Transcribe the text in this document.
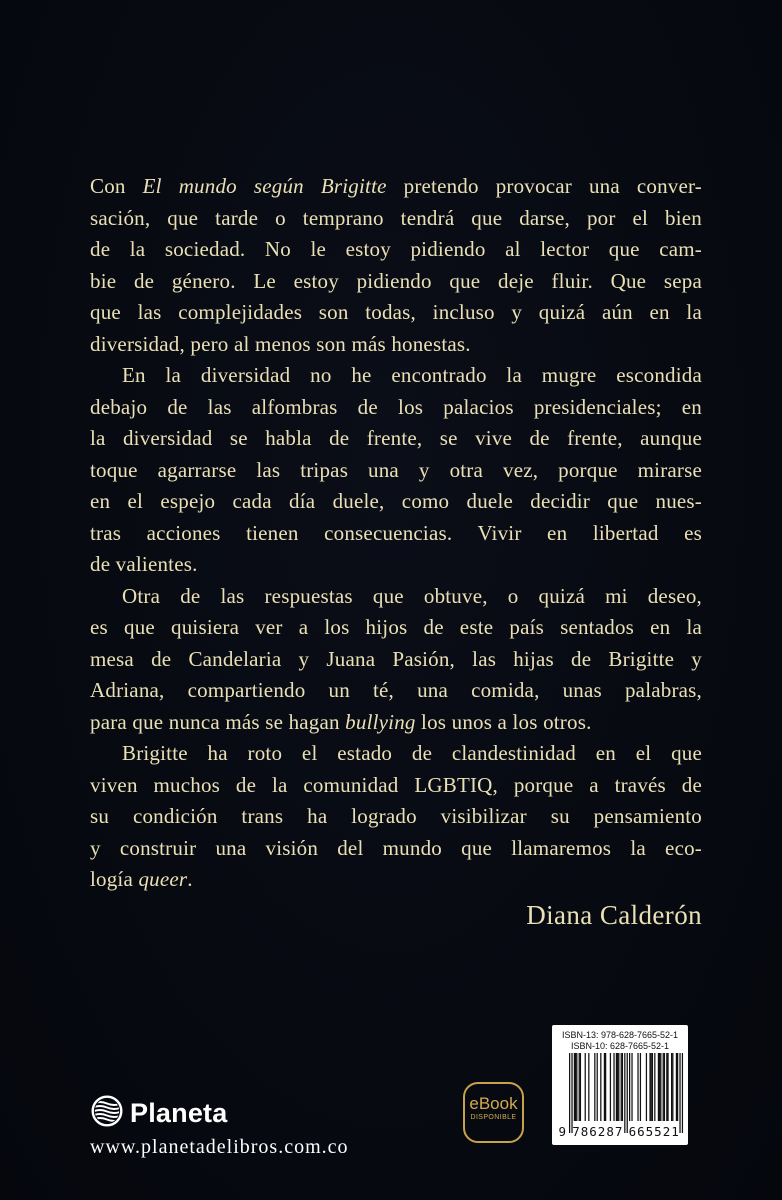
Con El mundo según Brigitte pretendo provocar una conver-
sación, que tarde o temprano tendrá que darse, por el bien
de la sociedad. No le estoy pidiendo al lector que cam-
bie de género. Le estoy pidiendo que deje fluir. Que sepa
que las complejidades son todas, incluso y quizá aún en la
diversidad, pero al menos son más honestas.
En la diversidad no he encontrado la mugre escondida
debajo de las alfombras de los palacios presidenciales; en
la diversidad se habla de frente, se vive de frente, aunque
toque agarrarse las tripas una y otra vez, porque mirarse
en el espejo cada día duele, como duele decidir que nues-
tras acciones tienen consecuencias. Vivir en libertad es
de valientes.
Otra de las respuestas que obtuve, o quizá mi deseo,
es que quisiera ver a los hijos de este país sentados en la
mesa de Candelaria y Juana Pasión, las hijas de Brigitte y
Adriana, compartiendo un té, una comida, unas palabras,
para que nunca más se hagan bullying los unos a los otros.
Brigitte ha roto el estado de clandestinidad en el que
viven muchos de la comunidad LGBTIQ, porque a través de
su condición trans ha logrado visibilizar su pensamiento
y construir una visión del mundo que llamaremos la eco-
logía queer.
Diana Calderón
Planeta
www.planetadelibros.com.co
eBook
DISPONIBLE
ISBN-13: 978-628-7665-52-1
ISBN-10: 628-7665-52-1
9 786287 665521
